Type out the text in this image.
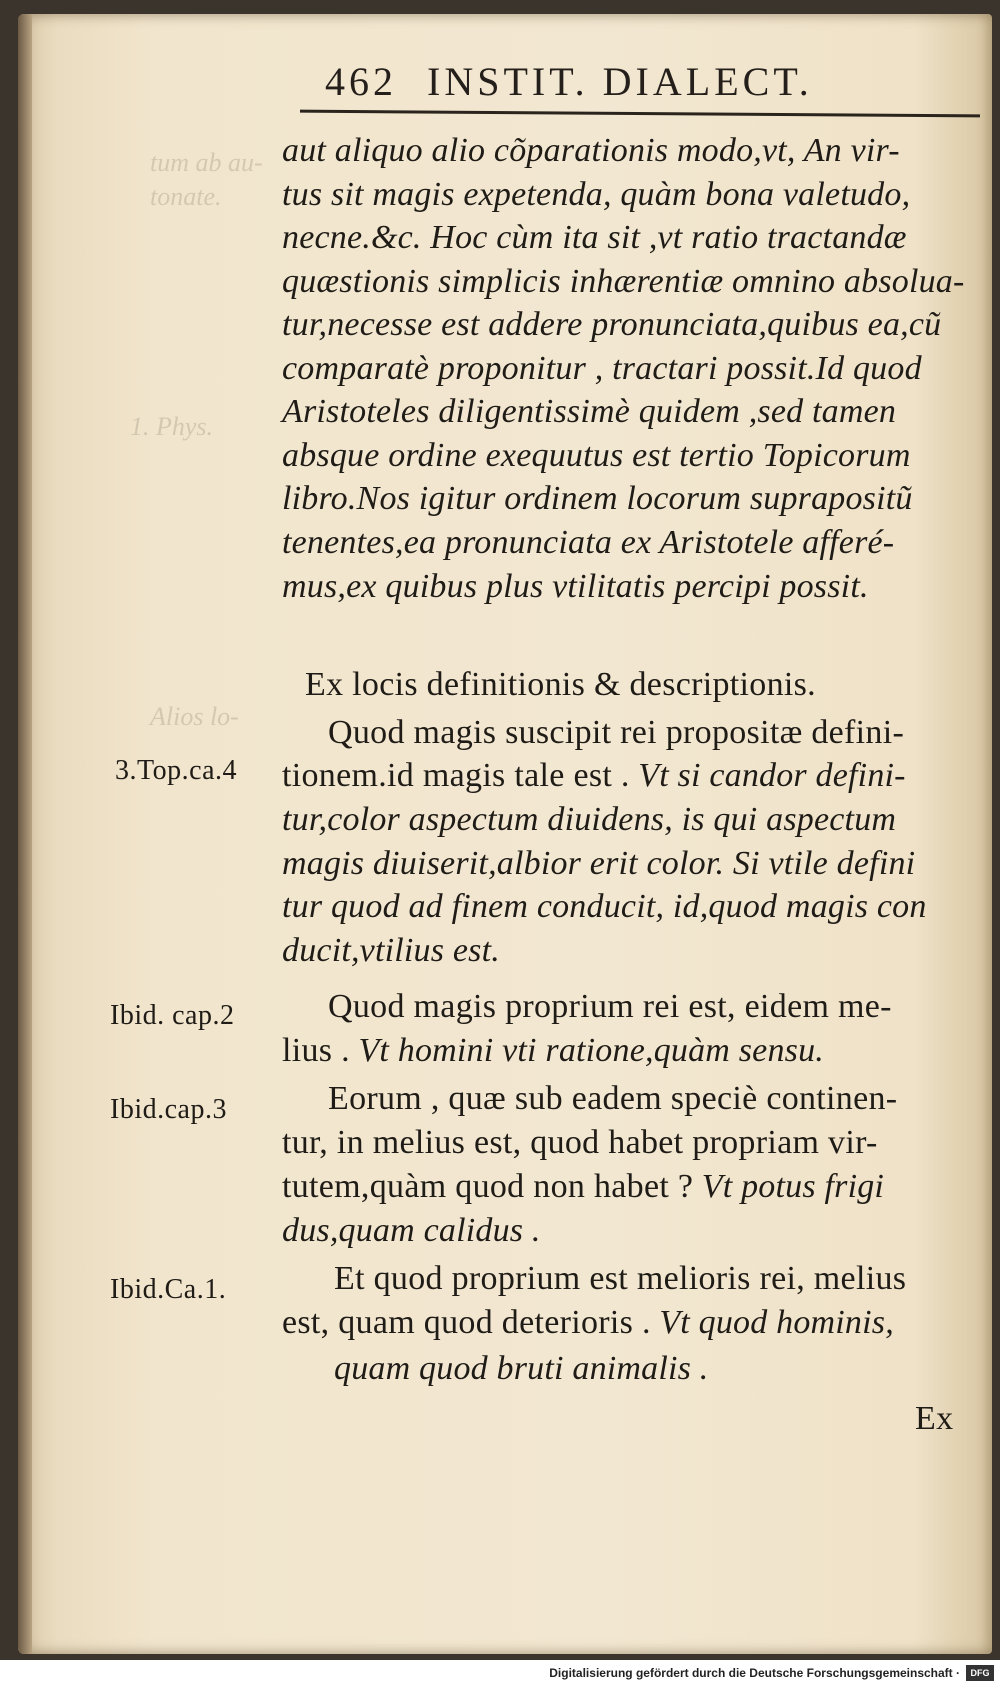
tum ab au-
tonate.
1. Phys.
Alios lo-
462 INSTIT. DIALECT.
aut aliquo alio cõparationis modo,vt, An vir-
tus sit magis expetenda, quàm bona valetudo,
necne.&c. Hoc cùm ita sit ,vt ratio tractandæ
quæstionis simplicis inhærentiæ omnino absolua-
tur,necesse est addere pronunciata,quibus ea,cũ
comparatè proponitur , tractari possit.Id quod
Aristoteles diligentissimè quidem ,sed tamen
absque ordine exequutus est tertio Topicorum
libro.Nos igitur ordinem locorum suprapositũ
tenentes,ea pronunciata ex Aristotele afferé-
mus,ex quibus plus vtilitatis percipi possit.
Ex locis definitionis & descriptionis.
3.Top.ca.4
Quod magis suscipit rei propositæ defini-
tionem.id magis tale est . Vt si candor defini-
tur,color aspectum diuidens, is qui aspectum
magis diuiserit,albior erit color. Si vtile defini
tur quod ad finem conducit, id,quod magis con
ducit,vtilius est.
Ibid. cap.2	Quod magis proprium rei est, eidem me-
lius . Vt homini vti ratione,quàm sensu.
Ibid.cap.3	Eorum , quæ sub eadem speciè continen-
tur, in melius est, quod habet propriam vir-
tutem,quàm quod non habet ? Vt potus frigi
dus,quam calidus .
Ibid.Ca.1.	Et quod proprium est melioris rei, melius
est, quam quod deterioris . Vt quod hominis,
quam quod bruti animalis .
Ex
Digitalisierung gefördert durch die Deutsche Forschungsgemeinschaft ·	DFG
